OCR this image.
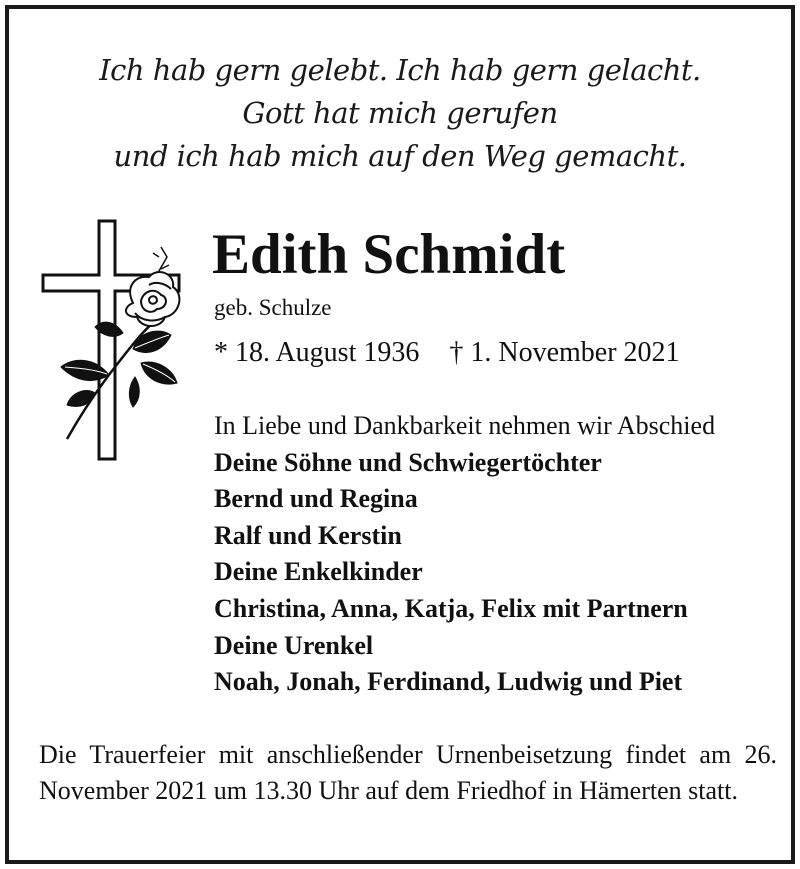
Ich hab gern gelebt. Ich hab gern gelacht.
Gott hat mich gerufen
und ich hab mich auf den Weg gemacht.
Edith Schmidt
geb. Schulze
* 18. August 1936 † 1. November 2021
In Liebe und Dankbarkeit nehmen wir Abschied
Deine Söhne und Schwiegertöchter
Bernd und Regina
Ralf und Kerstin
Deine Enkelkinder
Christina, Anna, Katja, Felix mit Partnern
Deine Urenkel
Noah, Jonah, Ferdinand, Ludwig und Piet
Die Trauerfeier mit anschließender Urnenbeisetzung findet am 26. November 2021 um 13.30 Uhr auf dem Friedhof in Hämerten statt.
